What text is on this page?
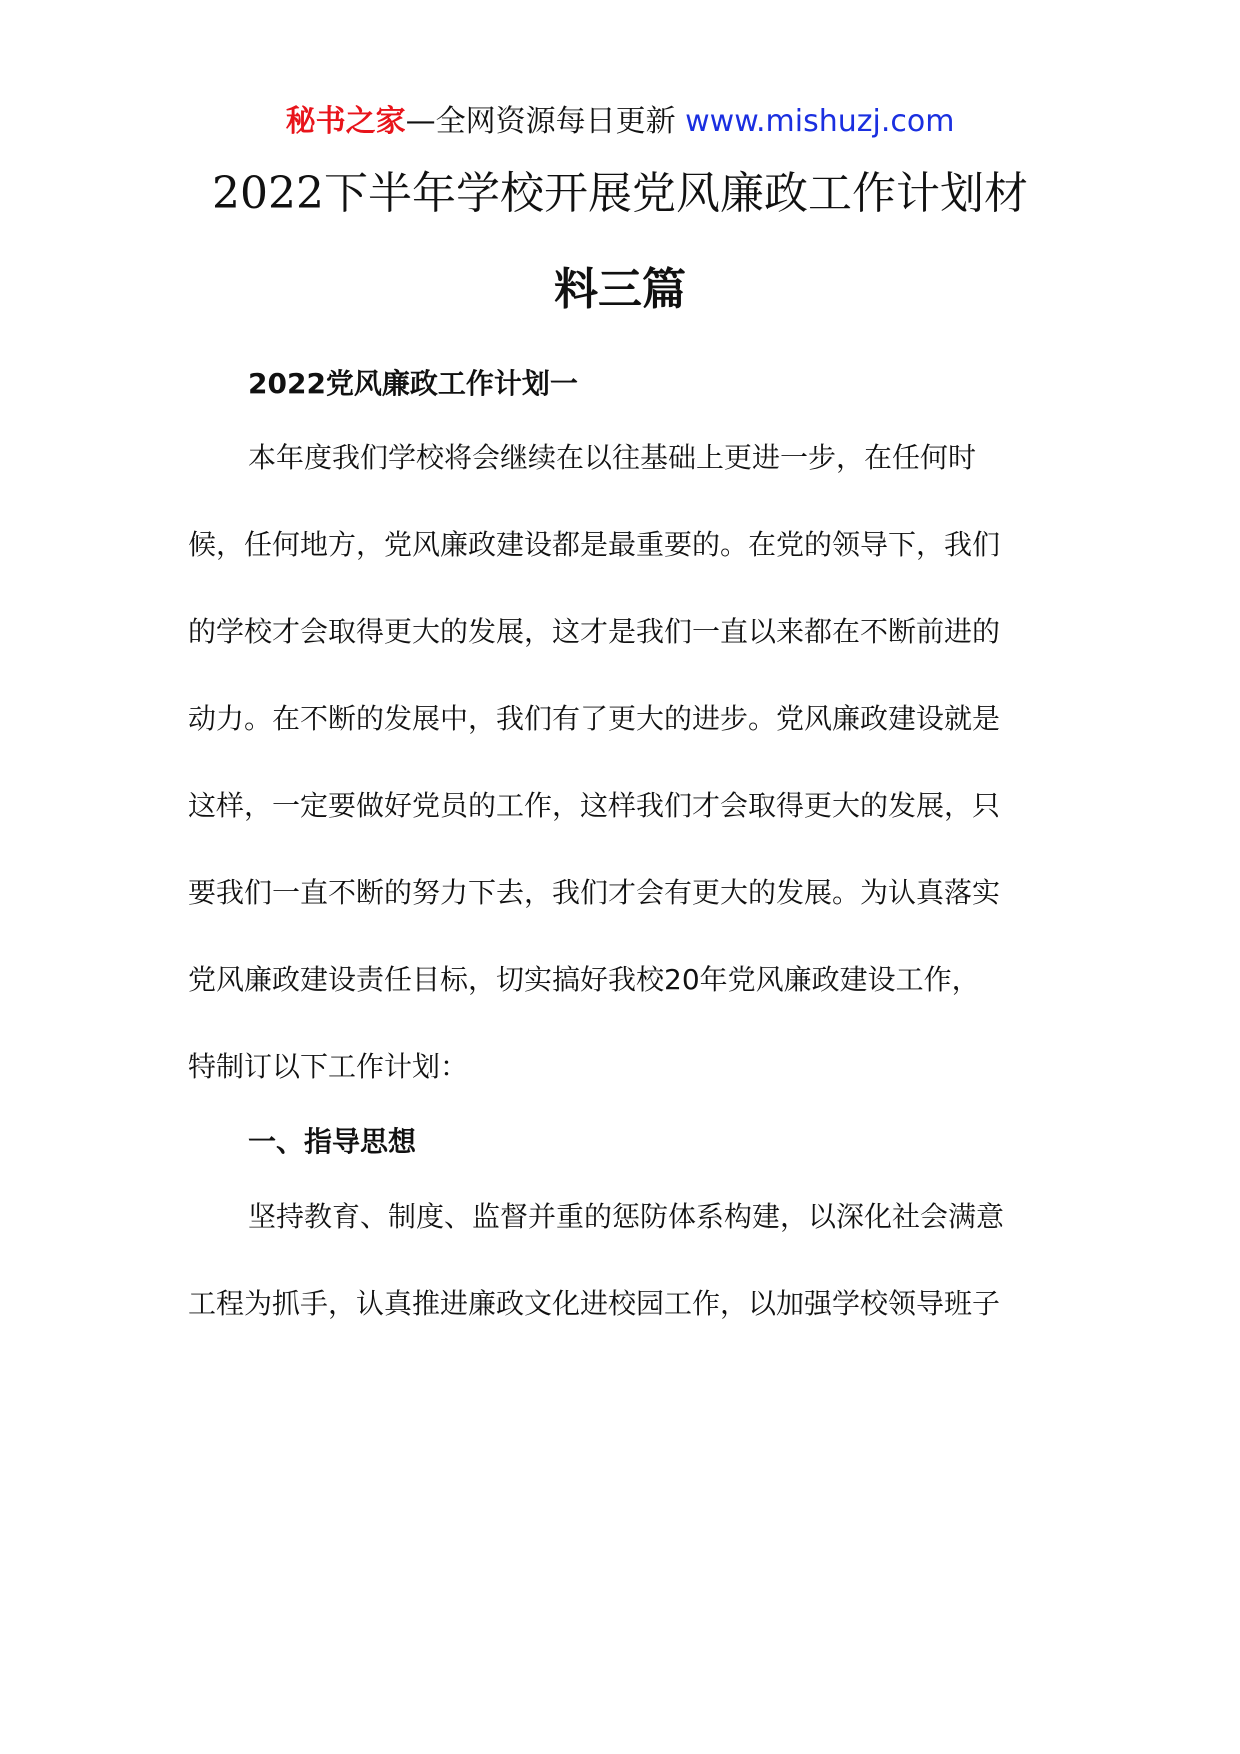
秘书之家—全网资源每日更新 www.mishuzj.com
2022下半年学校开展党风廉政工作计划材
料三篇
2022党风廉政工作计划一
本年度我们学校将会继续在以往基础上更进一步，在任何时
候，任何地方，党风廉政建设都是最重要的。在党的领导下，我们
的学校才会取得更大的发展，这才是我们一直以来都在不断前进的
动力。在不断的发展中，我们有了更大的进步。党风廉政建设就是
这样，一定要做好党员的工作，这样我们才会取得更大的发展，只
要我们一直不断的努力下去，我们才会有更大的发展。为认真落实
党风廉政建设责任目标，切实搞好我校20年党风廉政建设工作，
特制订以下工作计划：
一、指导思想
坚持教育、制度、监督并重的惩防体系构建，以深化社会满意
工程为抓手，认真推进廉政文化进校园工作，以加强学校领导班子
